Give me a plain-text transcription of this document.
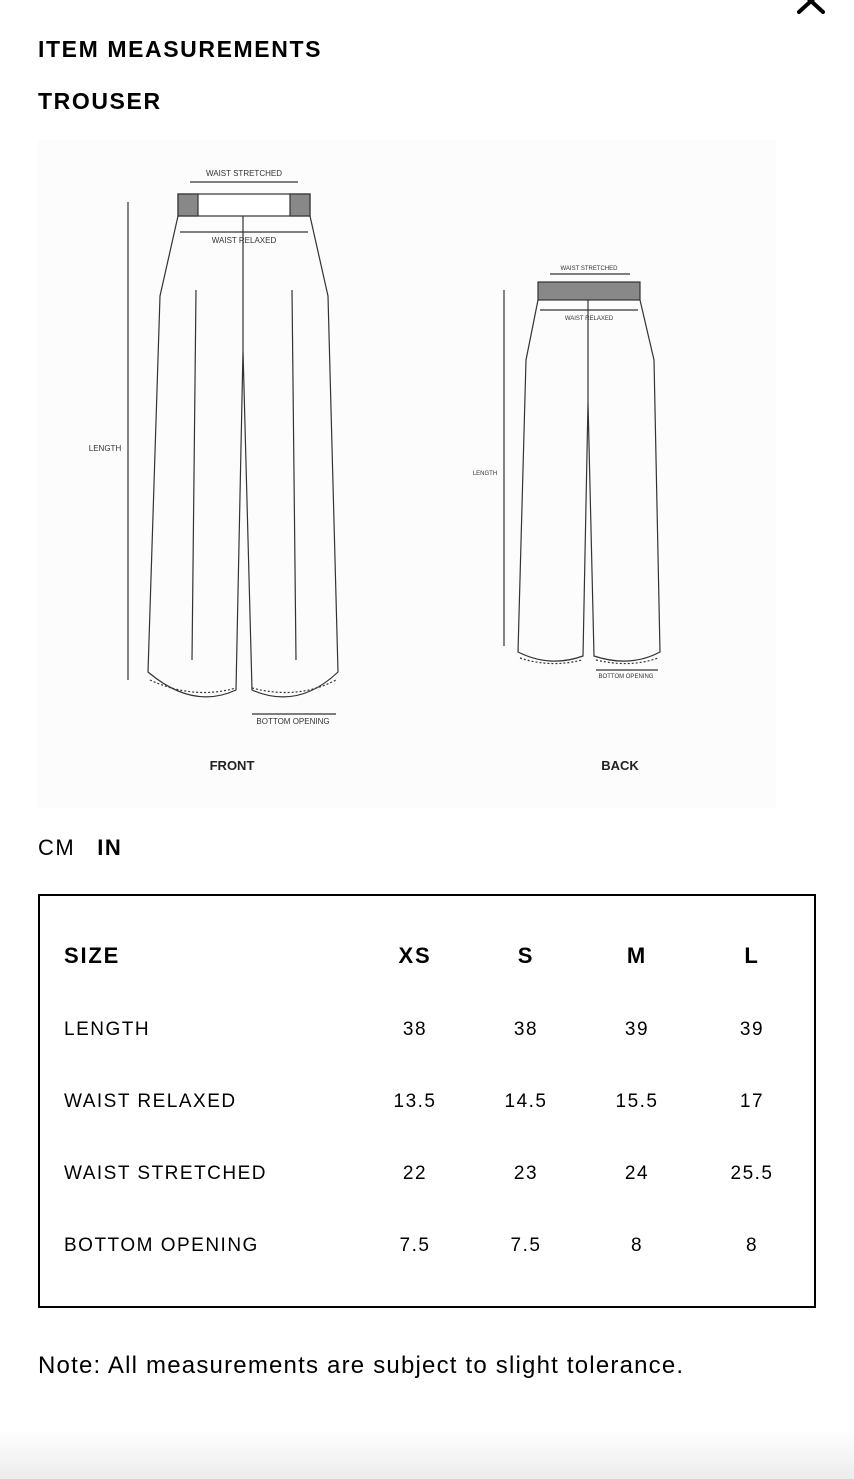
ITEM MEASUREMENTS
TROUSER
WAIST STRETCHED
WAIST RELAXED
LENGTH
BOTTOM OPENING
FRONT
WAIST STRETCHED
WAIST RELAXED
LENGTH
BOTTOM OPENING
BACK
CM IN
SIZE	XS	S	M	L
LENGTH	38	38	39	39
WAIST RELAXED	13.5	14.5	15.5	17
WAIST STRETCHED	22	23	24	25.5
BOTTOM OPENING	7.5	7.5	8	8
Note: All measurements are subject to slight tolerance.
